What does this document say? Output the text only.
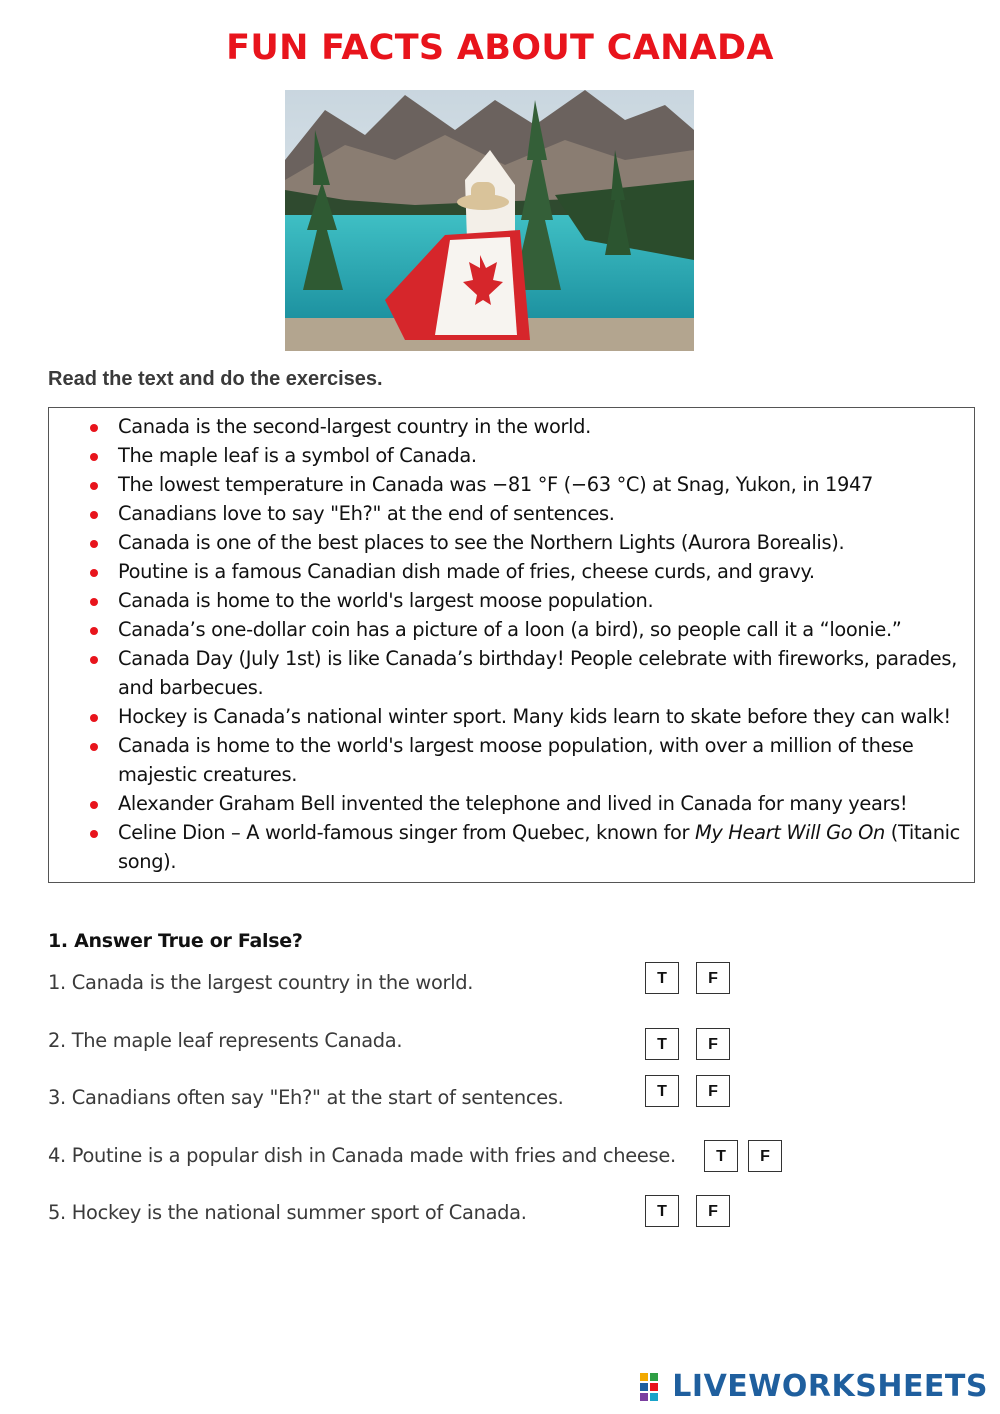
FUN FACTS ABOUT CANADA
Read the text and do the exercises.
Canada is the second-largest country in the world.
The maple leaf is a symbol of Canada.
The lowest temperature in Canada was −81 °F (−63 °C) at Snag, Yukon, in 1947
Canadians love to say "Eh?" at the end of sentences.
Canada is one of the best places to see the Northern Lights (Aurora Borealis).
Poutine is a famous Canadian dish made of fries, cheese curds, and gravy.
Canada is home to the world's largest moose population.
Canada’s one-dollar coin has a picture of a loon (a bird), so people call it a “loonie.”
Canada Day (July 1st) is like Canada’s birthday! People celebrate with fireworks, parades, and barbecues.
Hockey is Canada’s national winter sport. Many kids learn to skate before they can walk!
Canada is home to the world's largest moose population, with over a million of these majestic creatures.
Alexander Graham Bell invented the telephone and lived in Canada for many years!
Celine Dion – A world-famous singer from Quebec, known for My Heart Will Go On (Titanic song).
1. Answer True or False?
1. Canada is the largest country in the world.	T	F
2. The maple leaf represents Canada.	T	F
3. Canadians often say "Eh?" at the start of sentences.	T	F
4. Poutine is a popular dish in Canada made with fries and cheese.	T	F
5. Hockey is the national summer sport of Canada.	T	F
LIVEWORKSHEETS
